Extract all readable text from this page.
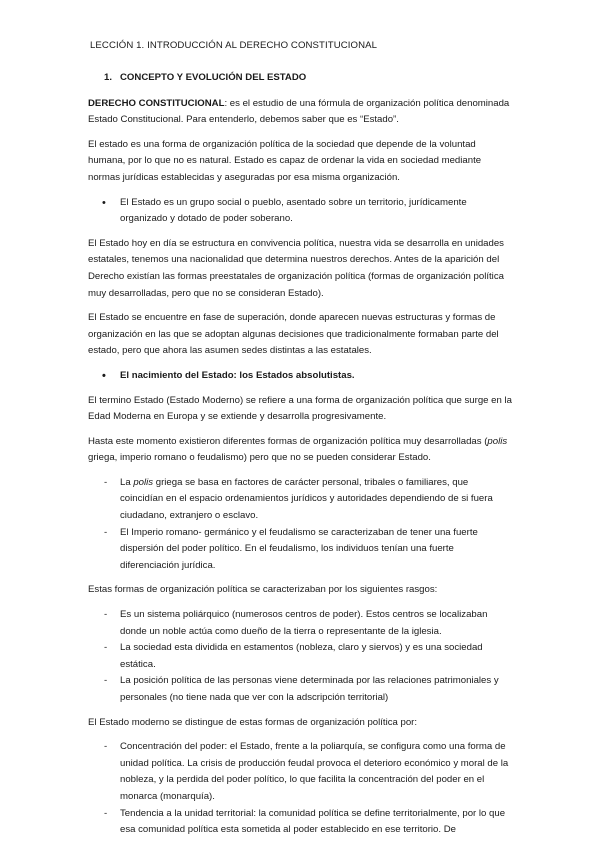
LECCIÓN 1. INTRODUCCIÓN AL DERECHO CONSTITUCIONAL
1. CONCEPTO Y EVOLUCIÓN DEL ESTADO

DERECHO CONSTITUCIONAL: es el estudio de una fórmula de organización política denominada Estado Constitucional. Para entenderlo, debemos saber que es “Estado”.

El estado es una forma de organización política de la sociedad que depende de la voluntad humana, por lo que no es natural. Estado es capaz de ordenar la vida en sociedad mediante normas jurídicas establecidas y aseguradas por esa misma organización.

• El Estado es un grupo social o pueblo, asentado sobre un territorio, jurídicamente organizado y dotado de poder soberano.

El Estado hoy en día se estructura en convivencia política, nuestra vida se desarrolla en unidades estatales, tenemos una nacionalidad que determina nuestros derechos. Antes de la aparición del Derecho existían las formas preestatales de organización política (formas de organización política muy desarrolladas, pero que no se consideran Estado).

El Estado se encuentre en fase de superación, donde aparecen nuevas estructuras y formas de organización en las que se adoptan algunas decisiones que tradicionalmente formaban parte del estado, pero que ahora las asumen sedes distintas a las estatales.

• El nacimiento del Estado: los Estados absolutistas.

El termino Estado (Estado Moderno) se refiere a una forma de organización política que surge en la Edad Moderna en Europa y se extiende y desarrolla progresivamente.

Hasta este momento existieron diferentes formas de organización política muy desarrolladas (polis griega, imperio romano o feudalismo) pero que no se pueden considerar Estado.

- La polis griega se basa en factores de carácter personal, tribales o familiares, que coincidían en el espacio ordenamientos jurídicos y autoridades dependiendo de si fuera ciudadano, extranjero o esclavo.
- El Imperio romano- germánico y el feudalismo se caracterizaban de tener una fuerte dispersión del poder político. En el feudalismo, los individuos tenían una fuerte diferenciación jurídica.

Estas formas de organización política se caracterizaban por los siguientes rasgos:

- Es un sistema poliárquico (numerosos centros de poder). Estos centros se localizaban donde un noble actúa como dueño de la tierra o representante de la iglesia.
- La sociedad esta dividida en estamentos (nobleza, claro y siervos) y es una sociedad estática.
- La posición política de las personas viene determinada por las relaciones patrimoniales y personales (no tiene nada que ver con la adscripción territorial)

El Estado moderno se distingue de estas formas de organización política por:

- Concentración del poder: el Estado, frente a la poliarquía, se configura como una forma de unidad política. La crisis de producción feudal provoca el deterioro económico y moral de la nobleza, y la perdida del poder político, lo que facilita la concentración del poder en el monarca (monarquía).
- Tendencia a la unidad territorial: la comunidad política se define territorialmente, por lo que esa comunidad política esta sometida al poder establecido en ese territorio. De
